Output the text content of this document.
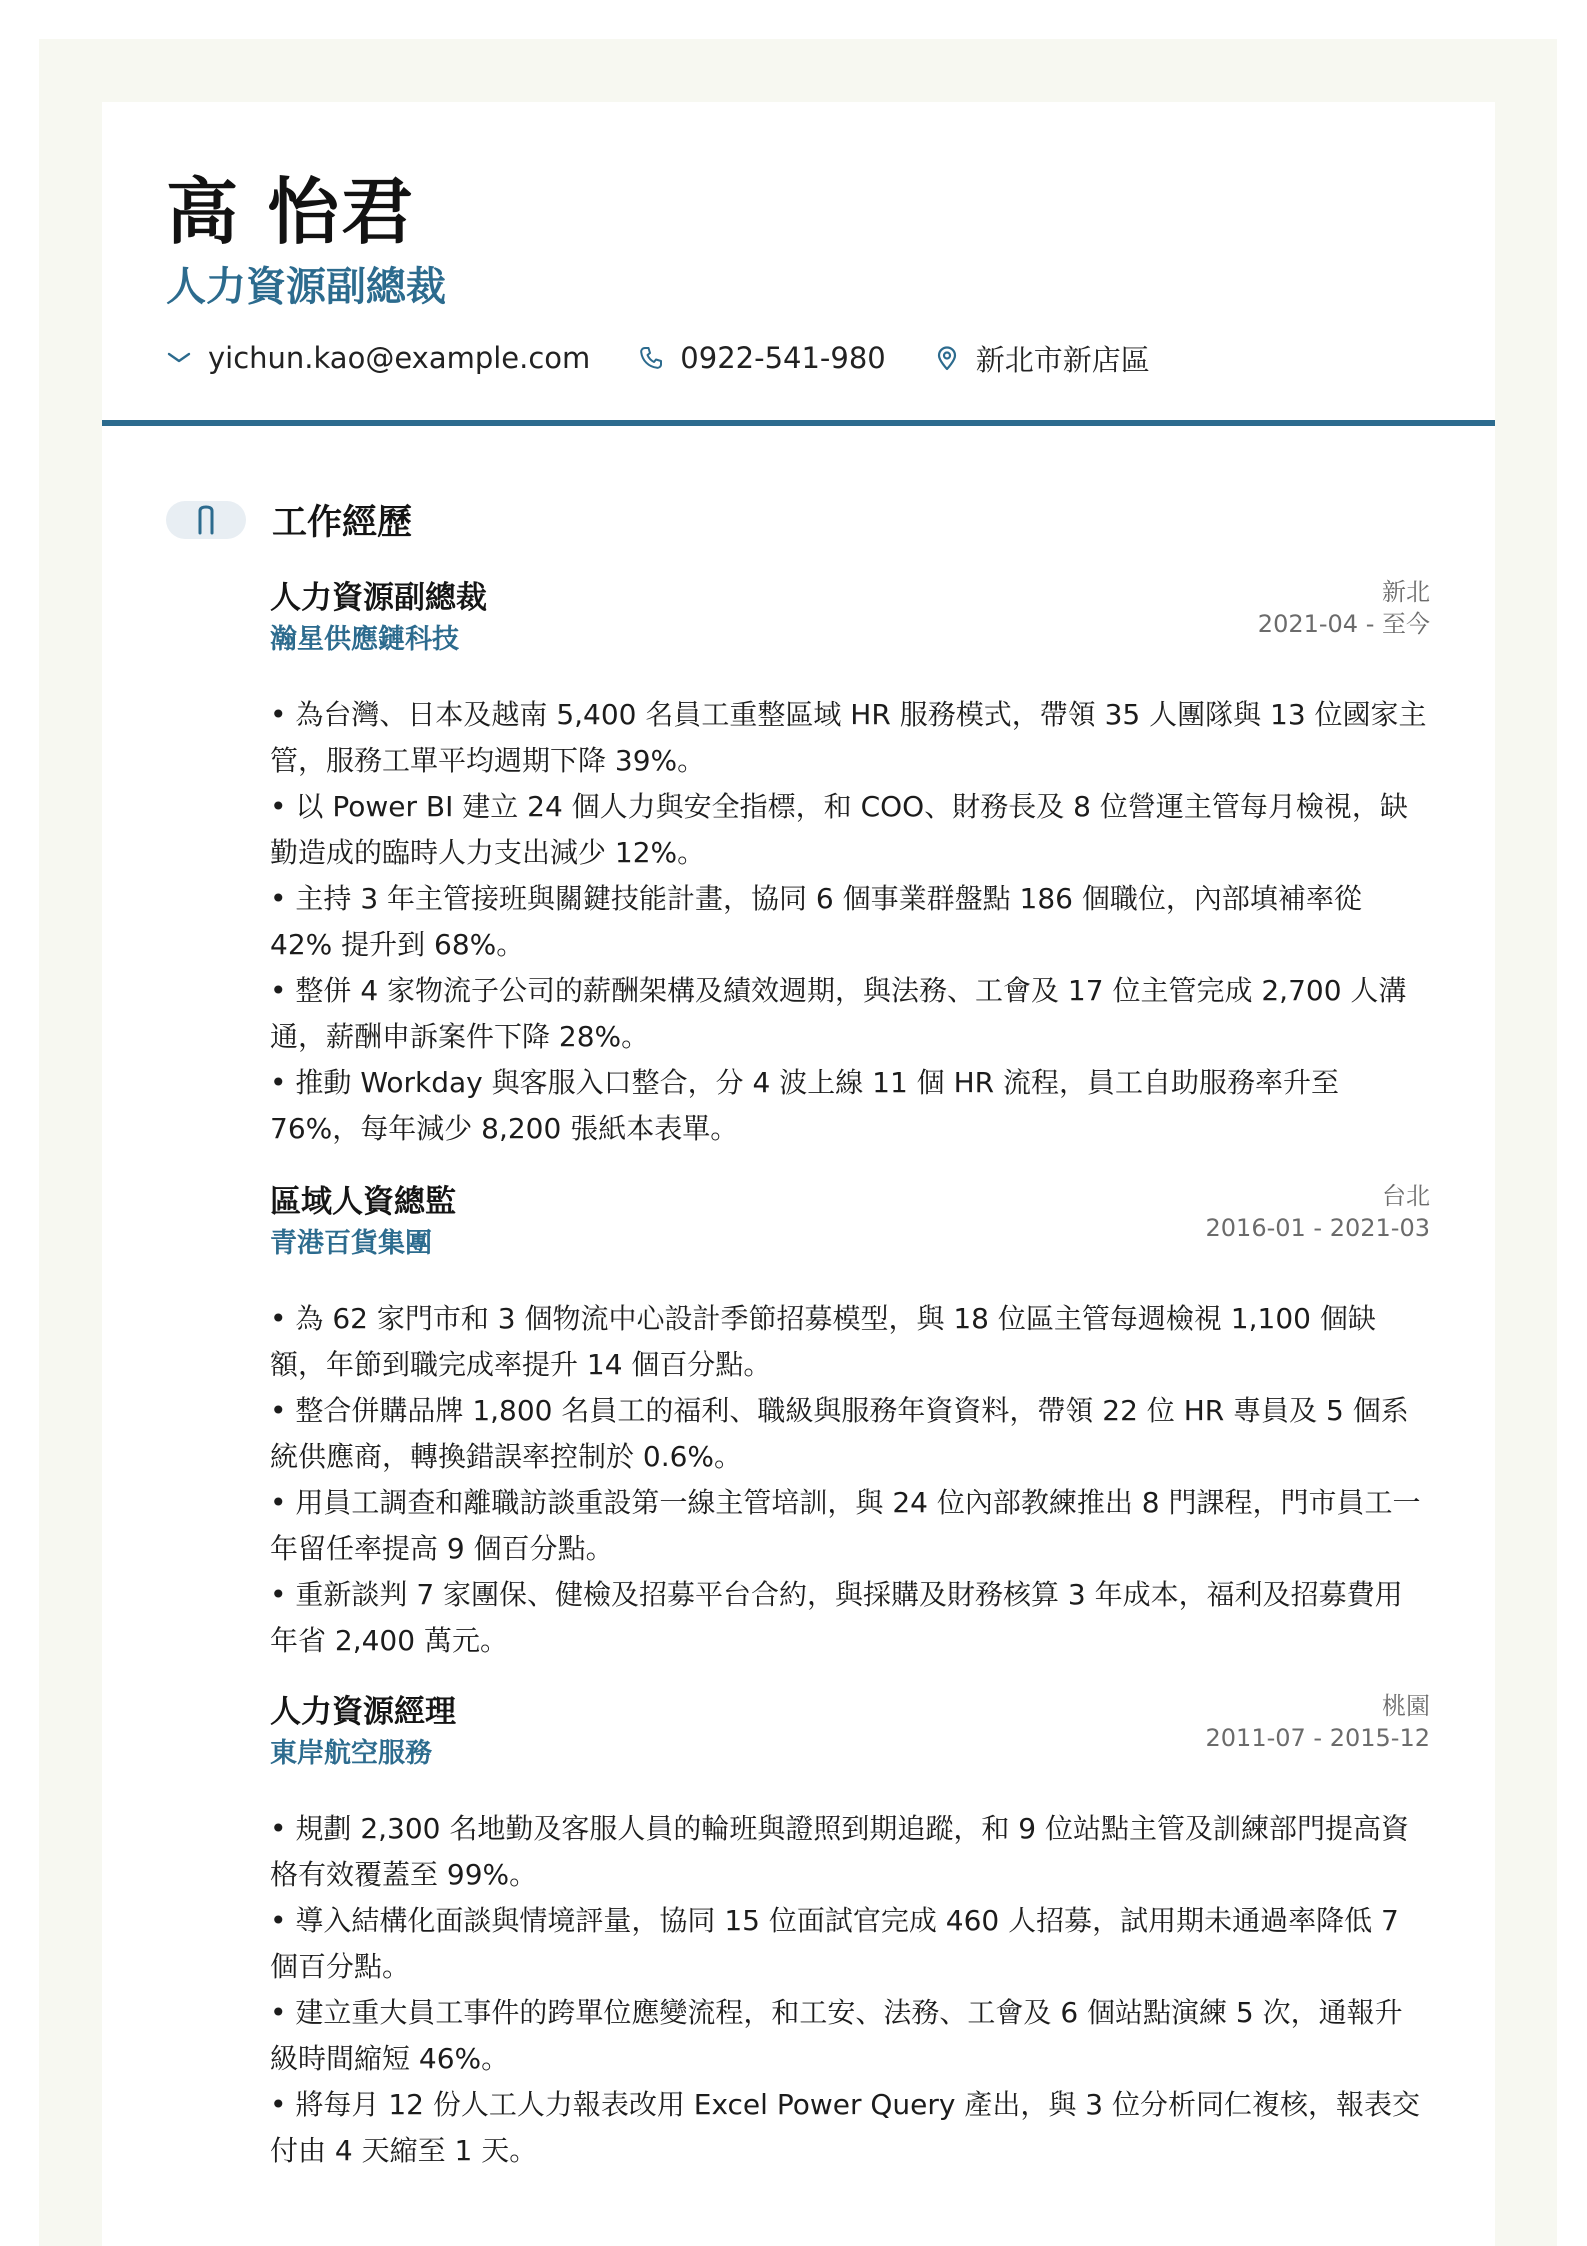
高 怡君
人力資源副總裁
yichun.kao@example.com	0922-541-980	新北市新店區
工作經歷
人力資源副總裁
瀚星供應鏈科技
新北
2021-04 - 至今
• 為台灣、日本及越南 5,400 名員工重整區域 HR 服務模式，帶領 35 人團隊與 13 位國家主管，服務工單平均週期下降 39%。
• 以 Power BI 建立 24 個人力與安全指標，和 COO、財務長及 8 位營運主管每月檢視，缺勤造成的臨時人力支出減少 12%。
• 主持 3 年主管接班與關鍵技能計畫，協同 6 個事業群盤點 186 個職位，內部填補率從 42% 提升到 68%。
• 整併 4 家物流子公司的薪酬架構及績效週期，與法務、工會及 17 位主管完成 2,700 人溝通，薪酬申訴案件下降 28%。
• 推動 Workday 與客服入口整合，分 4 波上線 11 個 HR 流程，員工自助服務率升至 76%，每年減少 8,200 張紙本表單。
區域人資總監
青港百貨集團
台北
2016-01 - 2021-03
• 為 62 家門市和 3 個物流中心設計季節招募模型，與 18 位區主管每週檢視 1,100 個缺額，年節到職完成率提升 14 個百分點。
• 整合併購品牌 1,800 名員工的福利、職級與服務年資資料，帶領 22 位 HR 專員及 5 個系統供應商，轉換錯誤率控制於 0.6%。
• 用員工調查和離職訪談重設第一線主管培訓，與 24 位內部教練推出 8 門課程，門市員工一年留任率提高 9 個百分點。
• 重新談判 7 家團保、健檢及招募平台合約，與採購及財務核算 3 年成本，福利及招募費用年省 2,400 萬元。
人力資源經理
東岸航空服務
桃園
2011-07 - 2015-12
• 規劃 2,300 名地勤及客服人員的輪班與證照到期追蹤，和 9 位站點主管及訓練部門提高資格有效覆蓋至 99%。
• 導入結構化面談與情境評量，協同 15 位面試官完成 460 人招募，試用期未通過率降低 7 個百分點。
• 建立重大員工事件的跨單位應變流程，和工安、法務、工會及 6 個站點演練 5 次，通報升級時間縮短 46%。
• 將每月 12 份人工人力報表改用 Excel Power Query 產出，與 3 位分析同仁複核，報表交付由 4 天縮至 1 天。
